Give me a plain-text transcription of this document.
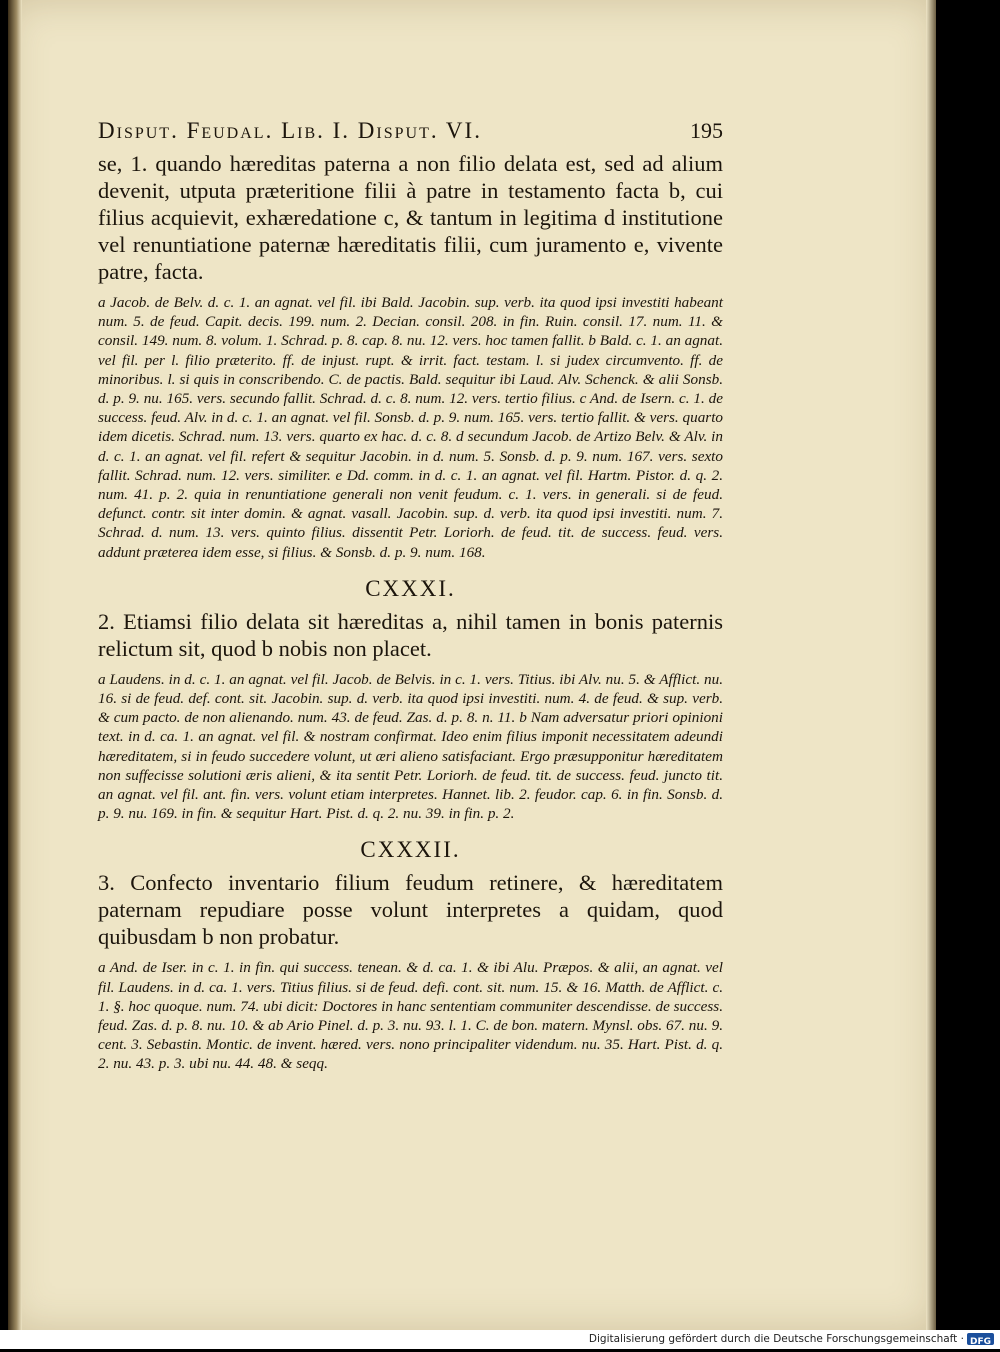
Disput. Feudal. Lib. I. Disput. VI.	195

se, 1. quando hæreditas paterna a non filio delata est, sed ad alium devenit, utputa præteritione filii à patre in testamento facta b, cui filius acquievit, exhæredatione c, & tantum in legitima d institutione vel renuntiatione paternæ hæreditatis filii, cum juramento e, vivente patre, facta.

a Jacob. de Belv. d. c. 1. an agnat. vel fil. ibi Bald. Jacobin. sup. verb. ita quod ipsi investiti habeant num. 5. de feud. Capit. decis. 199. num. 2. Decian. consil. 208. in fin. Ruin. consil. 17. num. 11. & consil. 149. num. 8. volum. 1. Schrad. p. 8. cap. 8. nu. 12. vers. hoc tamen fallit. b Bald. c. 1. an agnat. vel fil. per l. filio præterito. ff. de injust. rupt. & irrit. fact. testam. l. si judex circumvento. ff. de minoribus. l. si quis in conscribendo. C. de pactis. Bald. sequitur ibi Laud. Alv. Schenck. & alii Sonsb. d. p. 9. nu. 165. vers. secundo fallit. Schrad. d. c. 8. num. 12. vers. tertio filius. c And. de Isern. c. 1. de success. feud. Alv. in d. c. 1. an agnat. vel fil. Sonsb. d. p. 9. num. 165. vers. tertio fallit. & vers. quarto idem dicetis. Schrad. num. 13. vers. quarto ex hac. d. c. 8. d secundum Jacob. de Artizo Belv. & Alv. in d. c. 1. an agnat. vel fil. refert & sequitur Jacobin. in d. num. 5. Sonsb. d. p. 9. num. 167. vers. sexto fallit. Schrad. num. 12. vers. similiter. e Dd. comm. in d. c. 1. an agnat. vel fil. Hartm. Pistor. d. q. 2. num. 41. p. 2. quia in renuntiatione generali non venit feudum. c. 1. vers. in generali. si de feud. defunct. contr. sit inter domin. & agnat. vasall. Jacobin. sup. d. verb. ita quod ipsi investiti. num. 7. Schrad. d. num. 13. vers. quinto filius. dissentit Petr. Loriorh. de feud. tit. de success. feud. vers. addunt præterea idem esse, si filius. & Sonsb. d. p. 9. num. 168.

CXXXI.

2. Etiamsi filio delata sit hæreditas a, nihil tamen in bonis paternis relictum sit, quod b nobis non placet.

a Laudens. in d. c. 1. an agnat. vel fil. Jacob. de Belvis. in c. 1. vers. Titius. ibi Alv. nu. 5. & Afflict. nu. 16. si de feud. def. cont. sit. Jacobin. sup. d. verb. ita quod ipsi investiti. num. 4. de feud. & sup. verb. & cum pacto. de non alienando. num. 43. de feud. Zas. d. p. 8. n. 11. b Nam adversatur priori opinioni text. in d. ca. 1. an agnat. vel fil. & nostram confirmat. Ideo enim filius imponit necessitatem adeundi hæreditatem, si in feudo succedere volunt, ut æri alieno satisfaciant. Ergo præsupponitur hæreditatem non suffecisse solutioni æris alieni, & ita sentit Petr. Loriorh. de feud. tit. de success. feud. juncto tit. an agnat. vel fil. ant. fin. vers. volunt etiam interpretes. Hannet. lib. 2. feudor. cap. 6. in fin. Sonsb. d. p. 9. nu. 169. in fin. & sequitur Hart. Pist. d. q. 2. nu. 39. in fin. p. 2.

CXXXII.

3. Confecto inventario filium feudum retinere, & hæreditatem paternam repudiare posse volunt interpretes a quidam, quod quibusdam b non probatur.

a And. de Iser. in c. 1. in fin. qui success. tenean. & d. ca. 1. & ibi Alu. Præpos. & alii, an agnat. vel fil. Laudens. in d. ca. 1. vers. Titius filius. si de feud. defi. cont. sit. num. 15. & 16. Matth. de Afflict. c. 1. §. hoc quoque. num. 74. ubi dicit: Doctores in hanc sententiam communiter descendisse. de success. feud. Zas. d. p. 8. nu. 10. & ab Ario Pinel. d. p. 3. nu. 93. l. 1. C. de bon. matern. Mynsl. obs. 67. nu. 9. cent. 3. Sebastin. Montic. de invent. hæred. vers. nono principaliter videndum. nu. 35. Hart. Pist. d. q. 2. nu. 43. p. 3. ubi nu. 44. 48. & seqq.

Digitalisierung gefördert durch die Deutsche Forschungsgemeinschaft · DFG
